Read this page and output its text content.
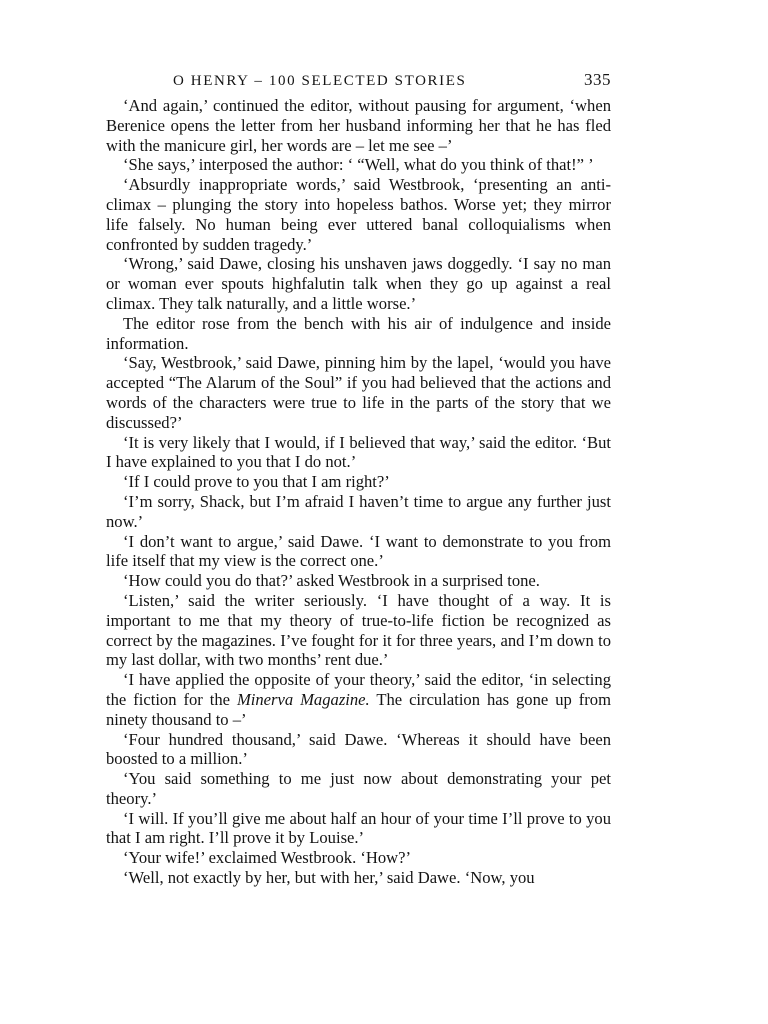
O HENRY – 100 SELECTED STORIES	335

‘And again,’ continued the editor, without pausing for argument, ‘when Berenice opens the letter from her husband informing her that he has fled with the manicure girl, her words are – let me see –’

‘She says,’ interposed the author: ‘ “Well, what do you think of that!” ’

‘Absurdly inappropriate words,’ said Westbrook, ‘presenting an anti-climax – plunging the story into hopeless bathos. Worse yet; they mirror life falsely. No human being ever uttered banal colloquialisms when confronted by sudden tragedy.’

‘Wrong,’ said Dawe, closing his unshaven jaws doggedly. ‘I say no man or woman ever spouts highfalutin talk when they go up against a real climax. They talk naturally, and a little worse.’

The editor rose from the bench with his air of indulgence and inside information.

‘Say, Westbrook,’ said Dawe, pinning him by the lapel, ‘would you have accepted “The Alarum of the Soul” if you had believed that the actions and words of the characters were true to life in the parts of the story that we discussed?’

‘It is very likely that I would, if I believed that way,’ said the editor. ‘But I have explained to you that I do not.’

‘If I could prove to you that I am right?’

‘I’m sorry, Shack, but I’m afraid I haven’t time to argue any further just now.’

‘I don’t want to argue,’ said Dawe. ‘I want to demonstrate to you from life itself that my view is the correct one.’

‘How could you do that?’ asked Westbrook in a surprised tone.

‘Listen,’ said the writer seriously. ‘I have thought of a way. It is important to me that my theory of true-to-life fiction be recognized as correct by the magazines. I’ve fought for it for three years, and I’m down to my last dollar, with two months’ rent due.’

‘I have applied the opposite of your theory,’ said the editor, ‘in selecting the fiction for the Minerva Magazine. The circulation has gone up from ninety thousand to –’

‘Four hundred thousand,’ said Dawe. ‘Whereas it should have been boosted to a million.’

‘You said something to me just now about demonstrating your pet theory.’

‘I will. If you’ll give me about half an hour of your time I’ll prove to you that I am right. I’ll prove it by Louise.’

‘Your wife!’ exclaimed Westbrook. ‘How?’

‘Well, not exactly by her, but with her,’ said Dawe. ‘Now, you
